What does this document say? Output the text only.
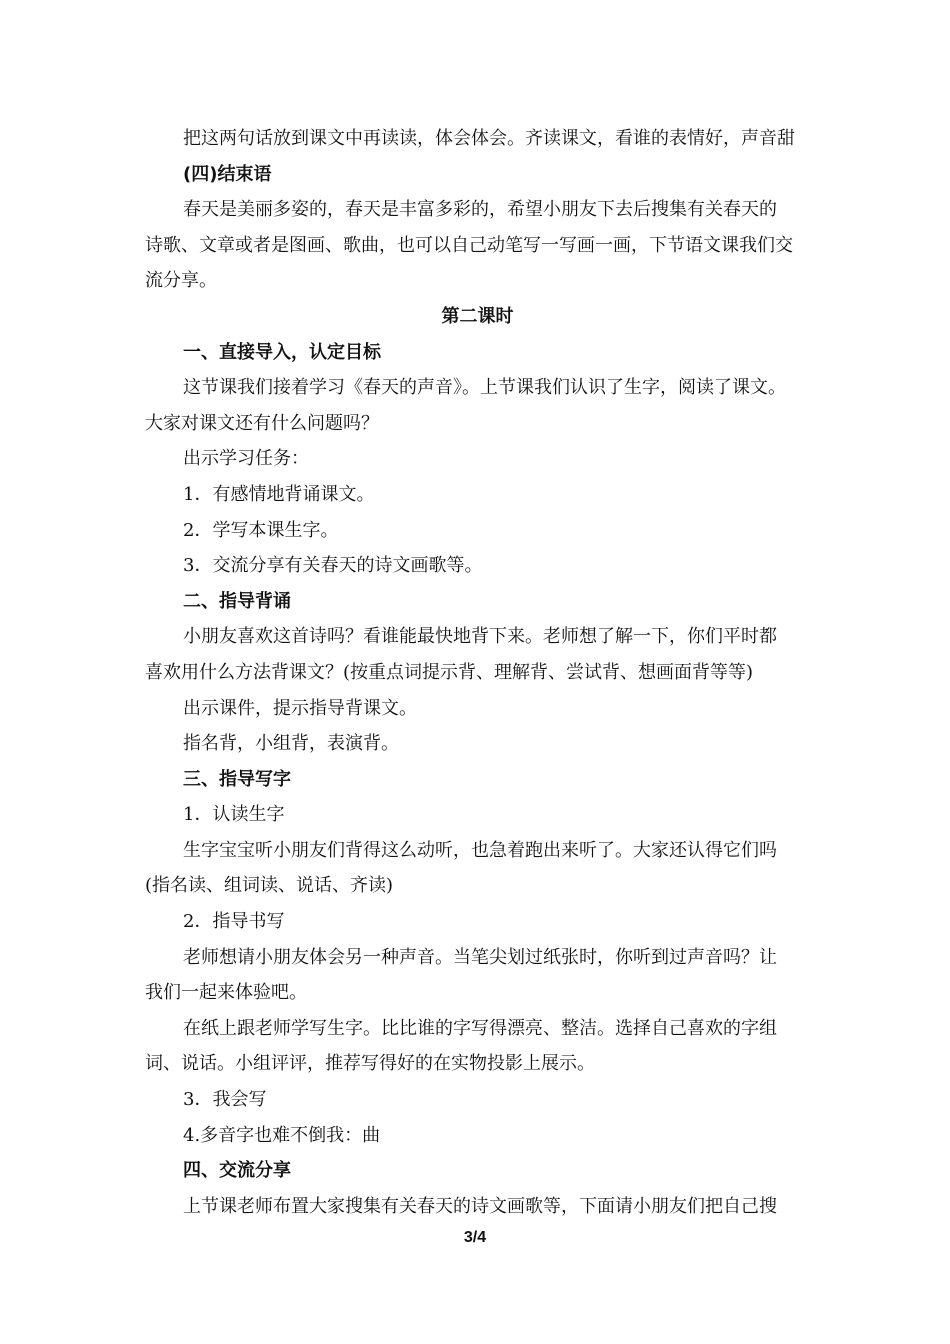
把这两句话放到课文中再读读，体会体会。齐读课文，看谁的表情好，声音甜
(四)结束语
春天是美丽多姿的，春天是丰富多彩的，希望小朋友下去后搜集有关春天的
诗歌、文章或者是图画、歌曲，也可以自己动笔写一写画一画，下节语文课我们交
流分享。
第二课时
一、直接导入，认定目标
这节课我们接着学习《春天的声音》。上节课我们认识了生字，阅读了课文。
大家对课文还有什么问题吗？
出示学习任务：
1．有感情地背诵课文。
2．学写本课生字。
3．交流分享有关春天的诗文画歌等。
二、指导背诵
小朋友喜欢这首诗吗？看谁能最快地背下来。老师想了解一下，你们平时都
喜欢用什么方法背课文？(按重点词提示背、理解背、尝试背、想画面背等等)
出示课件，提示指导背课文。
指名背，小组背，表演背。
三、指导写字
1．认读生字
生字宝宝听小朋友们背得这么动听，也急着跑出来听了。大家还认得它们吗
(指名读、组词读、说话、齐读)
2．指导书写
老师想请小朋友体会另一种声音。当笔尖划过纸张时，你听到过声音吗？让
我们一起来体验吧。
在纸上跟老师学写生字。比比谁的字写得漂亮、整洁。选择自己喜欢的字组
词、说话。小组评评，推荐写得好的在实物投影上展示。
3．我会写
4.多音字也难不倒我：曲
四、交流分享
上节课老师布置大家搜集有关春天的诗文画歌等，下面请小朋友们把自己搜
3/4
